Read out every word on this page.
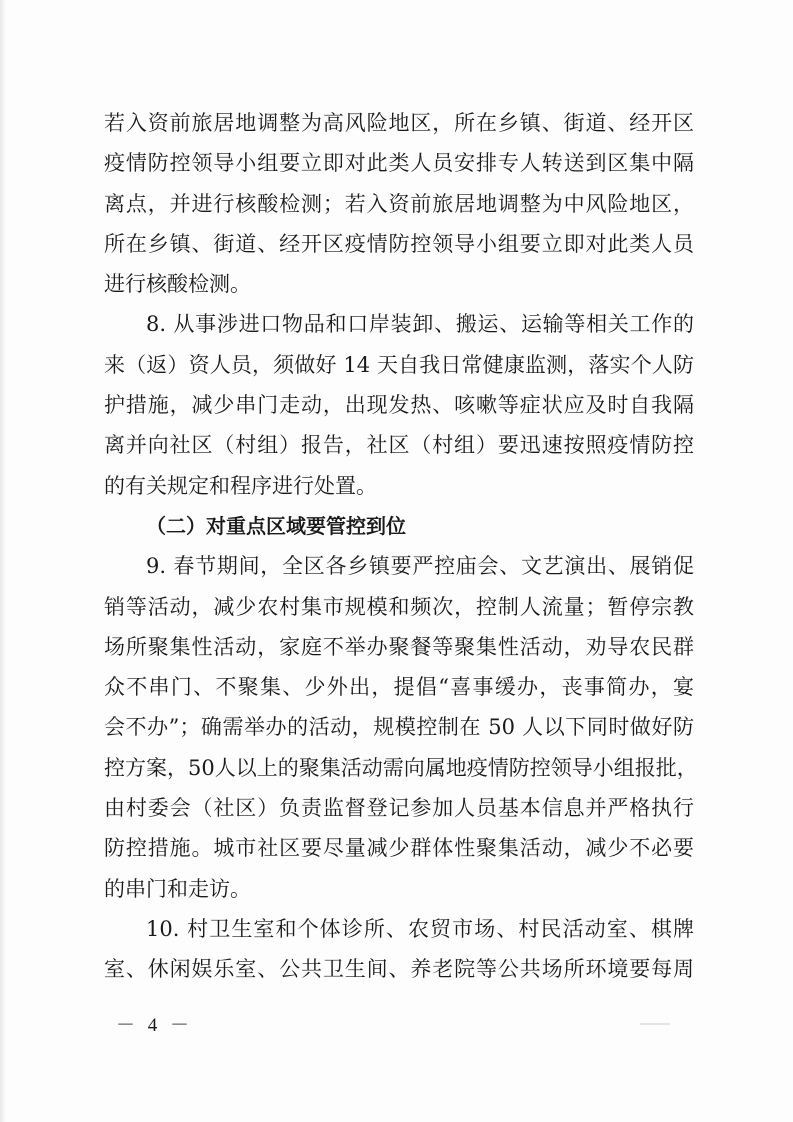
若入资前旅居地调整为高风险地区，所在乡镇、街道、经开区
疫情防控领导小组要立即对此类人员安排专人转送到区集中隔
离点，并进行核酸检测；若入资前旅居地调整为中风险地区，
所在乡镇、街道、经开区疫情防控领导小组要立即对此类人员
进行核酸检测。
8. 从事涉进口物品和口岸装卸、搬运、运输等相关工作的
来（返）资人员，须做好 14 天自我日常健康监测，落实个人防
护措施，减少串门走动，出现发热、咳嗽等症状应及时自我隔
离并向社区（村组）报告，社区（村组）要迅速按照疫情防控
的有关规定和程序进行处置。
（二）对重点区域要管控到位
9. 春节期间，全区各乡镇要严控庙会、文艺演出、展销促
销等活动，减少农村集市规模和频次，控制人流量；暂停宗教
场所聚集性活动，家庭不举办聚餐等聚集性活动，劝导农民群
众不串门、不聚集、少外出，提倡“喜事缓办，丧事简办，宴
会不办”；确需举办的活动，规模控制在 50 人以下同时做好防
控方案，50人以上的聚集活动需向属地疫情防控领导小组报批，
由村委会（社区）负责监督登记参加人员基本信息并严格执行
防控措施。城市社区要尽量减少群体性聚集活动，减少不必要
的串门和走访。
10. 村卫生室和个体诊所、农贸市场、村民活动室、棋牌
室、休闲娱乐室、公共卫生间、养老院等公共场所环境要每周
－ 4 －
